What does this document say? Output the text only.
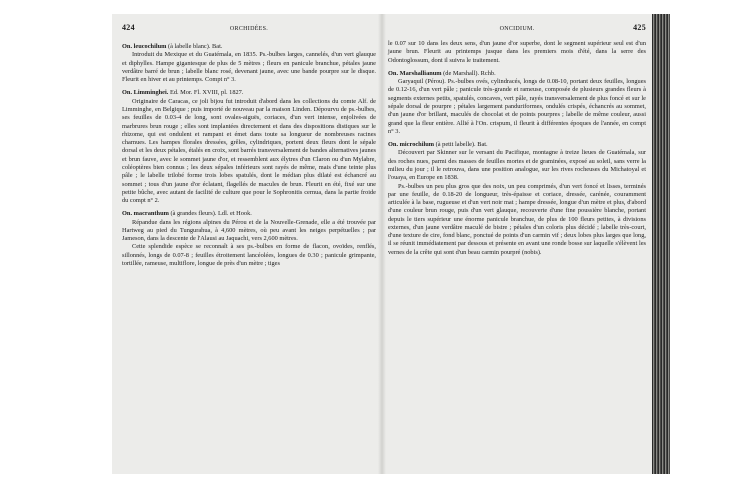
424	ORCHIDÉES.

On. leucochilum (à labelle blanc). Bat.

Introduit du Mexique et du Guatémala, en 1835. Ps.-bulbes larges, cannelés, d'un vert glauque et diphylles. Hampe gigantesque de plus de 5 mètres ; fleurs en panicule branchue, pétales jaune verdâtre barré de brun ; labelle blanc rosé, devenant jaune, avec une bande pourpre sur le disque. Fleurit en hiver et au printemps. Compt n° 3.

On. Limminghei. Ed. Mor. Fl. XVIII, pl. 1827.

Originaire de Caracas, ce joli bijou fut introduit d'abord dans les collections du comte Alf. de Limminghe, en Belgique ; puis importé de nouveau par la maison Linden. Dépourvu de ps.-bulbes, ses feuilles de 0.03-4 de long, sont ovales-aiguës, coriaces, d'un vert intense, enjolivées de marbrures brun rouge ; elles sont implantées directement et dans des dispositions distiques sur le rhizome, qui est ondulent et rampant et émet dans toute sa longueur de nombreuses racines charnues. Les hampes florales dressées, grêles, cylindriques, portent deux fleurs dont le sépale dorsal et les deux pétales, étalés en croix, sont barrés transversalement de bandes alternatives jaunes et brun fauve, avec le sommet jaune d'or, et ressemblent aux élytres d'un Claron ou d'un Mylabre, coléoptères bien connus ; les deux sépales inférieurs sont rayés de même, mais d'une teinte plus pâle ; le labelle trilobé forme trois lobes spatulés, dont le médian plus dilaté est échancré au sommet ; tous d'un jaune d'or éclatant, flagellés de macules de brun. Fleurit en été, fixé sur une petite bûche, avec autant de facilité de culture que pour le Sophronitis cernua, dans la partie froide du compt n° 2.

On. macranthum (à grandes fleurs). Ldl. et Hook.

Répandue dans les régions alpines du Pérou et de la Nouvelle-Grenade, elle a été trouvée par Hartweg au pied du Tungurahua, à 4,600 mètres, où peu avant les neiges perpétuelles ; par Jameson, dans la descente de l'Alausi au Jaquachi, vers 2,600 mètres.

Cette splendide espèce se reconnaît à ses ps.-bulbes en forme de flacon, ovoïdes, renflés, sillonnés, longs de 0.07-8 ; feuilles étroitement lancéolées, longues de 0.30 ; panicule grimpante, tortillée, rameuse, multiflore, longue de près d'un mètre ; tiges

ONCIDIUM.	425

le 0.07 sur 10 dans les deux sens, d'un jaune d'or superbe, dont le segment supérieur seul est d'un jaune brun. Fleurit au printemps jusque dans les premiers mois d'été, dans la serre des Odontoglossum, dont il suivra le traitement.

On. Marshallianum (de Marshall). Rchb.

Garyaquil (Pérou). Ps.-bulbes ovés, cylindracés, longs de 0.08-10, portant deux feuilles, longues de 0.12-16, d'un vert pâle ; panicule très-grande et rameuse, composée de plusieurs grandes fleurs à segments externes petits, spatulés, concaves, vert pâle, rayés transversalement de plus foncé et sur le sépale dorsal de pourpre ; pétales largement panduriformes, ondulés crispés, échancrés au sommet, d'un jaune d'or brillant, maculés de chocolat et de points pourpres ; labelle de même couleur, aussi grand que la fleur entière. Allié à l'On. crispum, il fleurit à différentes époques de l'année, en compt n° 3.

On. microchilum (à petit labelle). Bat.

Découvert par Skinner sur le versant du Pacifique, montagne à treize lieues de Guatémala, sur des roches nues, parmi des masses de feuilles mortes et de graminées, exposé au soleil, sans verre la milieu du jour ; il le retrouva, dans une position analogue, sur les rives rocheuses du Michatoyal et l'ouaya, en Europe en 1838.

Ps.-bulbes un peu plus gros que des noix, un peu comprimés, d'un vert foncé et lisses, terminés par une feuille, de 0.18-20 de longueur, très-épaisse et coriace, dressée, carénée, couramment articulée à la base, rugueuse et d'un vert noir mat ; hampe dressée, longue d'un mètre et plus, d'abord d'une couleur brun rouge, puis d'un vert glauque, recouverte d'une fine poussière blanche, portant depuis le tiers supérieur une énorme panicule branchue, de plus de 100 fleurs petites, à divisions externes, d'un jaune verdâtre maculé de bistre ; pétales d'un coloris plus décidé ; labelle très-court, d'une texture de cire, fond blanc, ponctué de points d'un carmin vif ; deux lobes plus larges que long, il se réunit immédiatement par dessous et présente en avant une ronde bosse sur laquelle s'élèvent les vernes de la crête qui sont d'un beau carmin pourpré (nobis).
